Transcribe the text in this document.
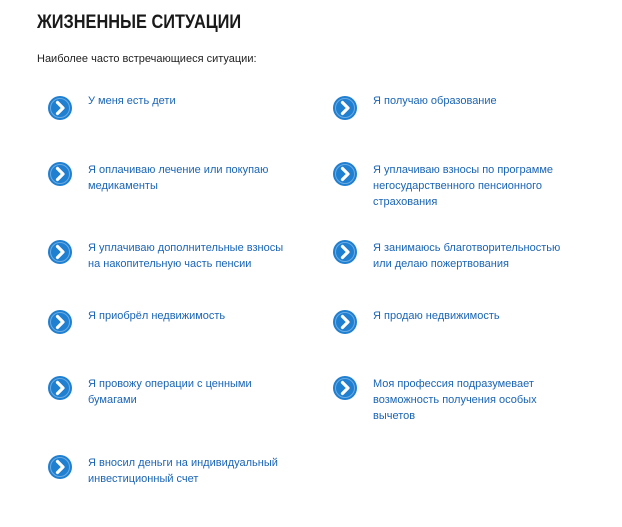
ЖИЗНЕННЫЕ СИТУАЦИИ

Наиболее часто встречающиеся ситуации:

У меня есть дети	Я получаю образование
Я оплачиваю лечение или покупаю
медикаменты
Я уплачиваю взносы по программе
негосударственного пенсионного
страхования
Я уплачиваю дополнительные взносы
на накопительную часть пенсии
Я занимаюсь благотворительностью
или делаю пожертвования
Я приобрёл недвижимость	Я продаю недвижимость
Я провожу операции с ценными
бумагами
Моя профессия подразумевает
возможность получения особых
вычетов
Я вносил деньги на индивидуальный
инвестиционный счет
